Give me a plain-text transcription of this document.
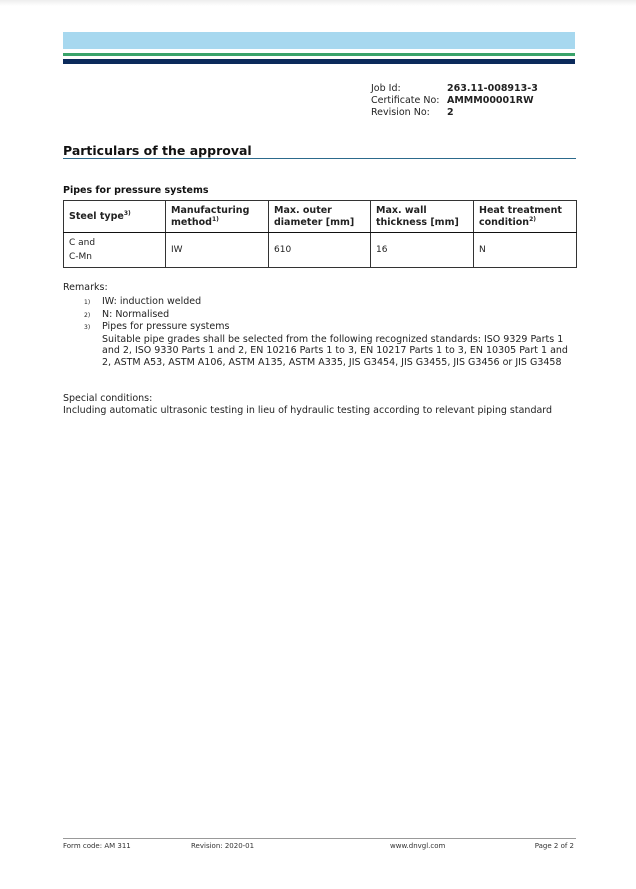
Job Id:	263.11-008913-3
Certificate No: AMMM00001RW
Revision No:	2
Particulars of the approval
Pipes for pressure systems
Steel type$^{3)}$	Manufacturing method$^{1)}$	Max. outer diameter [mm]	Max. wall thickness [mm]	Heat treatment condition$^{2)}$
C and
C-Mn	IW	610	16	N
Remarks:
1)	IW: induction welded
2)	N: Normalised
3)	Pipes for pressure systems
Suitable pipe grades shall be selected from the following recognized standards: ISO 9329 Parts 1 and 2, ISO 9330 Parts 1 and 2, EN 10216 Parts 1 to 3, EN 10217 Parts 1 to 3, EN 10305 Part 1 and 2, ASTM A53, ASTM A106, ASTM A135, ASTM A335, JIS G3454, JIS G3455, JIS G3456 or JIS G3458
Special conditions:
Including automatic ultrasonic testing in lieu of hydraulic testing according to relevant piping standard
Form code: AM 311	Revision: 2020-01	www.dnvgl.com	Page 2 of 2
